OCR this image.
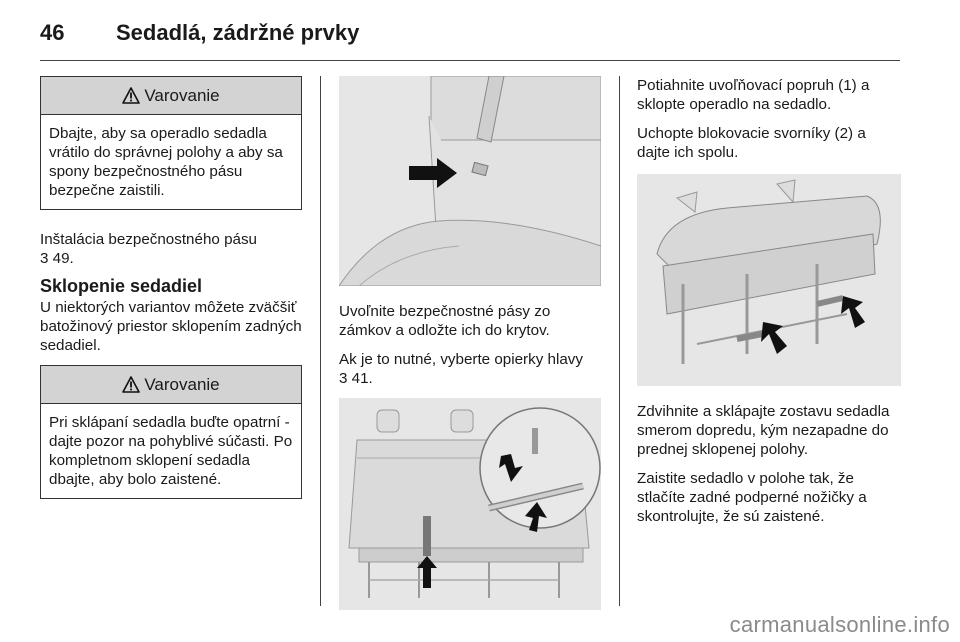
46 Sedadlá, zádržné prvky
Varovanie
Dbajte, aby sa operadlo sedadla vrátilo do správnej polohy a aby sa spony bezpečnostného pásu bezpečne zaistili.

Inštalácia bezpečnostného pásu
3 49.

Sklopenie sedadiel

U niektorých variantov môžete zväčšiť batožinový priestor sklopením zadných sedadiel.

Varovanie
Pri sklápaní sedadla buďte opatrní - dajte pozor na pohyblivé súčasti. Po kompletnom sklopení sedadla dbajte, aby bolo zaistené.

Uvoľnite bezpečnostné pásy zo zámkov a odložte ich do krytov.

Ak je to nutné, vyberte opierky hlavy
3 41.

Potiahnite uvoľňovací popruh (1) a sklopte operadlo na sedadlo.

Uchopte blokovacie svorníky (2) a dajte ich spolu.

Zdvihnite a sklápajte zostavu sedadla smerom dopredu, kým nezapadne do prednej sklopenej polohy.

Zaistite sedadlo v polohe tak, že stlačíte zadné podperné nožičky a skontrolujte, že sú zaistené.

carmanualsonline.info
